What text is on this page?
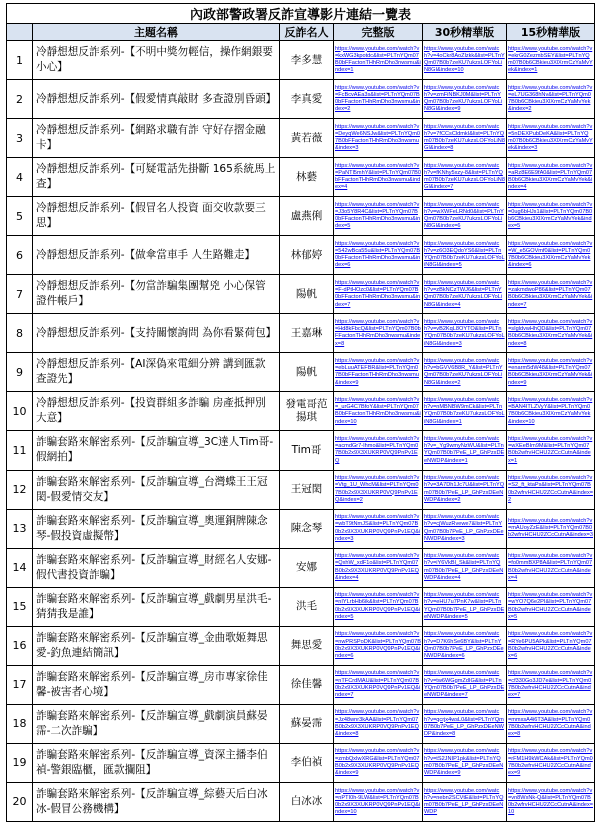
內政部警政署反詐宣導影片連結一覽表					
	主題名稱	反詐名人	完整版	30秒精華版	15秒精華版
1	冷靜想想反詐系列-【不明中獎勿輕信，操作網銀要小心】	李多慧	https://www.youtube.com/watch?v=kxWG3kpotdc&list=PLTnYQm07B0bFFactonTHhRmDho3nwsmu&index=1	https://www.youtube.com/watch?v=4oCkr8AoZlzkk&list=PLTnYQm07B0b7zeKU7ukzsLOFYoLiN8GI&index=10	https://www.youtube.com/watch?v=ekrG0ZezmbSEY&list=PLTnYQm07B0b6CBkieu3XlXrmCzYaMvYek&index=1

2	冷靜想想反詐系列-【假愛情真敲財 多查證別昏頭】	李真愛	https://www.youtube.com/watch?v=FcBcvAEa3s&list=PLTnYQm07B0bFFactonTHhRmDho3nwsmu&index=2	https://www.youtube.com/watch?v=zmFiNBKJ0M&list=PLTnYQm07B0b7zeKU7ukzsLOFYoLiN8GI&index=9	https://www.youtube.com/watch?v=eL7UG368hNv&list=PLTnYQm07B0b6CBkieu3XlXrmCzYaMvYek&index=2

3	冷靜想想反詐系列-【網路求職有詐 守好存摺金融卡】	黃若薇	https://www.youtube.com/watch?v=DeyqWe6NSJw&list=PLTnYQm07B0bFFactonTHhRmDho3nwsmu&index=3	https://www.youtube.com/watch?v=7fCCsCldmkI&list=PLTnYQm07B0b7zeKU7ukzsLOFYoLiN8GI&index=8	https://www.youtube.com/watch?v=5nDEXPubDeKA&list=PLTnYQm07B0b6CBkieu3XlXrmCzYaMvYek&index=3

4	冷靜想想反詐系列-【可疑電話先掛斷 165系統馬上查】	林藝	https://www.youtube.com/watch?v=PaNTl5mhY&list=PLTnYQm07B0bFFactonTHhRmDho3nwsmu&index=4	https://www.youtube.com/watch?v=fKNhy5xzy-8&list=PLTnYQm07B0b7zeKU7ukzsLOFYoLiN8GI&index=7	https://www.youtube.com/watch?v=aRz8E6E9fA0&list=PLTnYQm07B0b6CBkieu3XlXrmCzYaMvYek&index=4

5	冷靜想想反詐系列-【假冒名人投資 面交收款要三思】	盧燕俐	https://www.youtube.com/watch?v=J3o5Y8R4C&list=PLTnYQm07B0bFFactonTHhRmDho3nwsmu&index=5	https://www.youtube.com/watch?v=wXWFeLRNd0&list=PLTnYQm07B0b7zeKU7ukzsLOFYoLiN8GI&index=6	https://www.youtube.com/watch?v=0ug6bHJs1&list=PLTnYQm07B0b6CBkieu3XlXrmCzYaMvYek&index=5

6	冷靜想想反詐系列-【做傘當車手 人生路難走】	林郁婷	https://www.youtube.com/watch?v=542wBca55u&list=PLTnYQm07B0bFFactonTHhRmDho3nwsmu&index=6	https://www.youtube.com/watch?v=z6O3EQdoYS6&list=PLTnYQm07B0b7zeKU7ukzsLOFYoLiN8GI&index=5	https://www.youtube.com/watch?v=W_e5GOVmf0&list=PLTnYQm07B0b6CBkieu3XlXrmCzYaMvYek&index=6

7	冷靜想想反詐系列-【勿當詐騙集團幫兇 小心保管證件帳戶】	陽帆	https://www.youtube.com/watch?v=F-dPtHOzc0&list=PLTnYQm07B0bFFactonTHhRmDho3nwsmu&index=7	https://www.youtube.com/watch?v=zBkNCzTWJ6&list=PLTnYQm07B0b7zeKU7ukzsLOFYoLiN8GI&index=4	https://www.youtube.com/watch?v=zakmdwoP86&list=PLTnYQm07B0b6CBkieu3XlXrmCzYaMvYek&index=7

8	冷靜想想反詐系列-【支持關懷詢問 為你看緊荷包】	王嘉琳	https://www.youtube.com/watch?v=Hd8kFbcQ&list=PLTnYQm07B0bFFactonTHhRmDho3nwsmu&index=8	https://www.youtube.com/watch?v=vB2KqL8OYTO&list=PLTnYQm07B0b7zeKU7ukzsLOFYoLiN8GI&index=3	https://www.youtube.com/watch?v=sIgldvwHhQD&list=PLTnYQm07B0b6CBkieu3XlXrmCzYaMvYek&index=8

9	冷靜想想反詐系列-【AI深偽來電細分辨 講到匯款查證先】	陽帆	https://www.youtube.com/watch?v=ebLuuATEFBR&list=PLTnYQm07B0bFFactonTHhRmDho3nwsmu&index=9	https://www.youtube.com/watch?v=bGVV6B8R_Y&list=PLTnYQm07B0b7zeKU7ukzsLOFYoLiN8GI&index=2	https://www.youtube.com/watch?v=enarm5dW48&list=PLTnYQm07B0b6CBkieu3XlXrmCzYaMvYek&index=9

10	冷靜想想反詐系列-【投資群組多詐騙 房產抵押別大意】	發電哥范揚琪	https://www.youtube.com/watch?v=_urG4C7BfoY&list=PLTnYQm07B0bFFactonTHhRmDho3nwsmu&index=10	https://www.youtube.com/watch?v=nMBNBW9mCk&list=PLTnYQm07B0b7zeKU7ukzsLOFYoLiN8GI&index=1	https://www.youtube.com/watch?v=BAN4ITLZVyY&list=PLTnYQm07B0b6CBkieu3XlXrmCzYaMvYek&index=10

11	詐騙套路來解密系列-【反詐騙宣導_3C達人Tim哥-假網拍】	Tim哥	https://www.youtube.com/watch?v=acmdGr7-Ihmo&list=PLTnYQm07B0b2x9X3XUKRP0VQ9PnPv1EQ	https://www.youtube.com/watch?v=_Yg9wmyNzWU&list=PLTnYQm07B0b7PeE_LP_GhPzxDEeNWDP&index=1	https://www.youtube.com/watch?v=wXEeBIm9M&list=PLTnYQm07B0b2wfrvHCHU2ZCcCutnA&index=1

12	詐騙套路來解密系列-【反詐騙宣導_台灣蝶王王冠閎-假愛情交友】	王冠閎	https://www.youtube.com/watch?v=Vtg_1U_WhcM&list=PLTnYQm07B0b2x9X3XUKRP0VQ9PnPv1EQ&index=2	https://www.youtube.com/watch?v=3A7Dh1Jc7U&list=PLTnYQm07B0b7PeE_LP_GhPzxDEeNWDP&index=2	https://www.youtube.com/watch?v=S2_ft_ktaPs&list=PLTnYQm07B0b2wfrvHCHU2ZCcCutnA&index=2

13	詐騙套路來解密系列-【反詐騙宣導_奧運銅牌陳念琴-假投資虛擬幣】	陳念琴	https://www.youtube.com/watch?v=wbT9tNmJS&list=PLTnYQm07B0b2x9X3XUKRP0VQ9PnPv1EQ&index=3	https://www.youtube.com/watch?v=cjWuzRvewe7&list=PLTnYQm07B0b7PeE_LP_GhPzxDEeNWDP&index=3	https://www.youtube.com/watch?v=mAUoyZzE&list=PLTnYQm07B0b2wfrvHCHU2ZCcCutnA&index=3

14	詐騙套路來解密系列-【反詐騙宣導_財經名人安娜-假代書投資詐騙】	安娜	https://www.youtube.com/watch?v=QxhW_xdF1o&list=PLTnYQm07B0b2x9X3XUKRP0VQ9PnPv1EQ&index=4	https://www.youtube.com/watch?v=iY6VkBl_Sk&list=PLTnYQm07B0b7PeE_LP_GhPzxDEeNWDP&index=4	https://www.youtube.com/watch?v=fo0mmBXP8A&list=PLTnYQm07B0b2wfrvHCHU2ZCcCutnA&index=4

15	詐騙套路來解密系列-【反詐騙宣導_戲劇男星洪毛-猜猜我是誰】	洪毛	https://www.youtube.com/watch?v=nIYLrbHb6ik&list=PLTnYQm07B0b2x9X3XUKRP0VQ9PnPv1EQ&index=5	https://www.youtube.com/watch?v=eHU7u7PnK7w&list=PLTnYQm07B0b7PeE_LP_GhPzxDEeNWDP&index=5	https://www.youtube.com/watch?v=wYO7Q6e2PI&list=PLTnYQm07B0b2wfrvHCHU2ZCcCutnA&index=5

16	詐騙套路來解密系列-【反詐騙宣導_金曲歌姬舞思愛-釣魚連結簡訊】	舞思愛	https://www.youtube.com/watch?v=nwPRSPoDK&list=PLTnYQm07B0b2x9X3XUKRP0VQ9PnPv1EQ&index=6	https://www.youtube.com/watch?v=D7K6hSe6BY&list=PLTnYQm07B0b7PeE_LP_GhPzxDEeNWDP&index=6	https://www.youtube.com/watch?v=RYe6PU5APk&list=PLTnYQm07B0b2wfrvHCHU2ZCcCutnA&index=6

17	詐騙套路來解密系列-【反詐騙宣導_房市專家徐佳馨-被害者心境】	徐佳馨	https://www.youtube.com/watch?v=nTFCrdMAU&list=PLTnYQm07B0b2x9X3XUKRP0VQ9PnPv1EQ&index=7	https://www.youtube.com/watch?v=tw6WGgmZdIG&list=PLTnYQm07B0b7PeE_LP_GhPzxDEeNWDP&index=7	https://www.youtube.com/watch?v=cf330Go3JD7e&list=PLTnYQm07B0b2wfrvHCHU2ZCcCutnA&index=7

18	詐騙套路來解密系列-【反詐騙宣導_戲劇演員蘇晏霈-二次詐騙】	蘇晏霈	https://www.youtube.com/watch?v=Jz48wnr3kAA&list=PLTnYQm07B0b2x9X3XUKRP0VQ9PnPv1EQ&index=8	https://www.youtube.com/watch?v=qcrjx4wsL0&list=PLTnYQm07B0b7PeE_LP_GhPzxDEeNWDP&index=8	https://www.youtube.com/watch?v=mmxsA4i6T3A&list=PLTnYQm07B0b2wfrvHCHU2ZCcCutnA&index=8

19	詐騙套路來解密系列-【反詐騙宣導_資深主播李伯禎-警銀臨櫃，匯款攔阻】	李伯禎	https://www.youtube.com/watch?v=zmbQxIwXRG&list=PLTnYQm07B0b2x9X3XUKRP0VQ9PnPv1EQ&index=9	https://www.youtube.com/watch?v=tS2JNIP1pk&list=PLTnYQm07B0b7PeE_LP_GhPzxDEeNWDP&index=9	https://www.youtube.com/watch?v=rFM1H9kWCAk&list=PLTnYQm07B0b2wfrvHCHU2ZCcCutnA&index=9

20	詐騙套路來解密系列-【反詐騙宣導_綜藝天后白冰冰-假冒公務機構】	白冰冰	https://www.youtube.com/watch?v=nPTI0h-9LW&list=PLTnYQm07B0b2x9X3XUKRP0VQ9PnPv1EQ&index=10	https://www.youtube.com/watch?v=nebn2SCVtE&list=PLTnYQm07B0b7PeE_LP_GhPzxDEeNWDP	https://www.youtube.com/watch?v=vn8WxNk-Q&list=PLTnYQm07B0b2wfrvHCHU2ZCcCutnA&index=10
